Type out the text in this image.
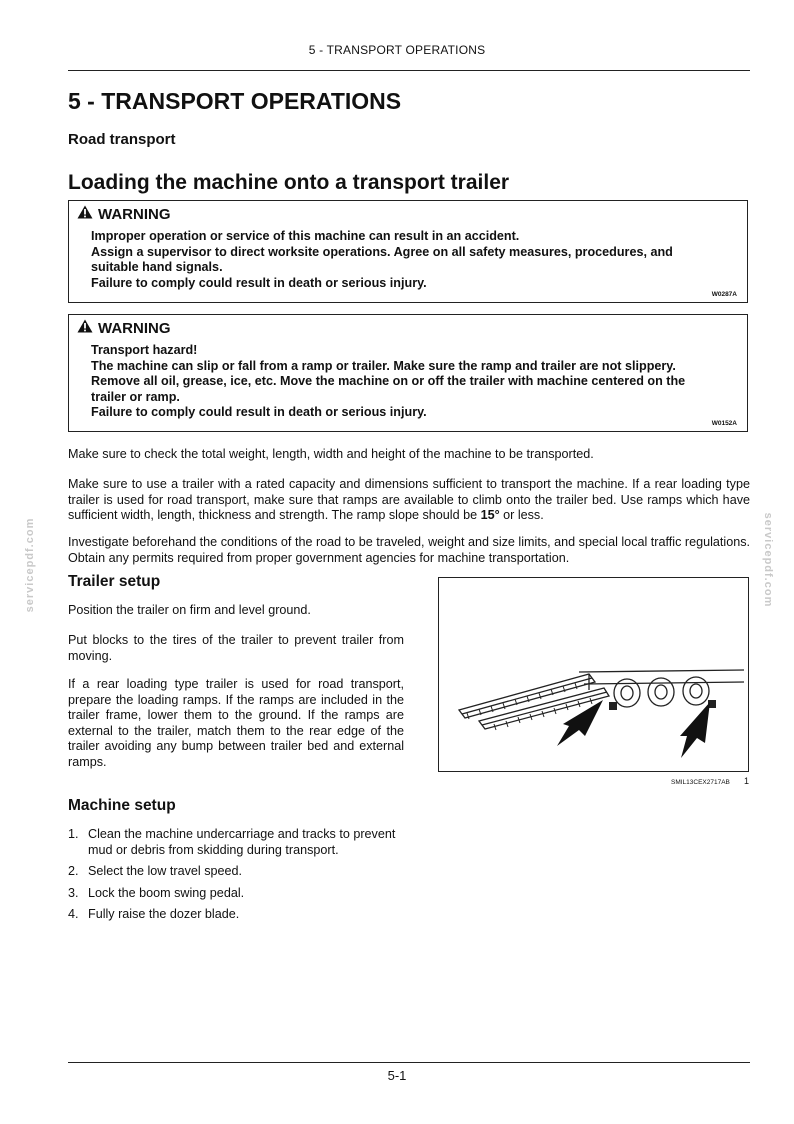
5 - TRANSPORT OPERATIONS
5 - TRANSPORT OPERATIONS
Road transport
Loading the machine onto a transport trailer
WARNING
Improper operation or service of this machine can result in an accident.
Assign a supervisor to direct worksite operations. Agree on all safety measures, procedures, and
suitable hand signals.
Failure to comply could result in death or serious injury.
W0287A
WARNING
Transport hazard!
The machine can slip or fall from a ramp or trailer. Make sure the ramp and trailer are not slippery.
Remove all oil, grease, ice, etc. Move the machine on or off the trailer with machine centered on the
trailer or ramp.
Failure to comply could result in death or serious injury.
W0152A
Make sure to check the total weight, length, width and height of the machine to be transported.
Make sure to use a trailer with a rated capacity and dimensions sufficient to transport the machine. If a rear loading type trailer is used for road transport, make sure that ramps are available to climb onto the trailer bed. Use ramps which have sufficient width, length, thickness and strength. The ramp slope should be 15° or less.
Investigate beforehand the conditions of the road to be traveled, weight and size limits, and special local traffic regulations. Obtain any permits required from proper government agencies for machine transportation.
Trailer setup
Position the trailer on firm and level ground.
Put blocks to the tires of the trailer to prevent trailer from moving.
If a rear loading type trailer is used for road transport, prepare the loading ramps. If the ramps are included in the trailer frame, lower them to the ground. If the ramps are external to the trailer, match them to the rear edge of the trailer avoiding any bump between trailer bed and external ramps.
SMIL13CEX2717AB 1
Machine setup
1. Clean the machine undercarriage and tracks to prevent mud or debris from skidding during transport.
2. Select the low travel speed.
3. Lock the boom swing pedal.
4. Fully raise the dozer blade.
servicepdf.com	servicepdf.com
5-1
